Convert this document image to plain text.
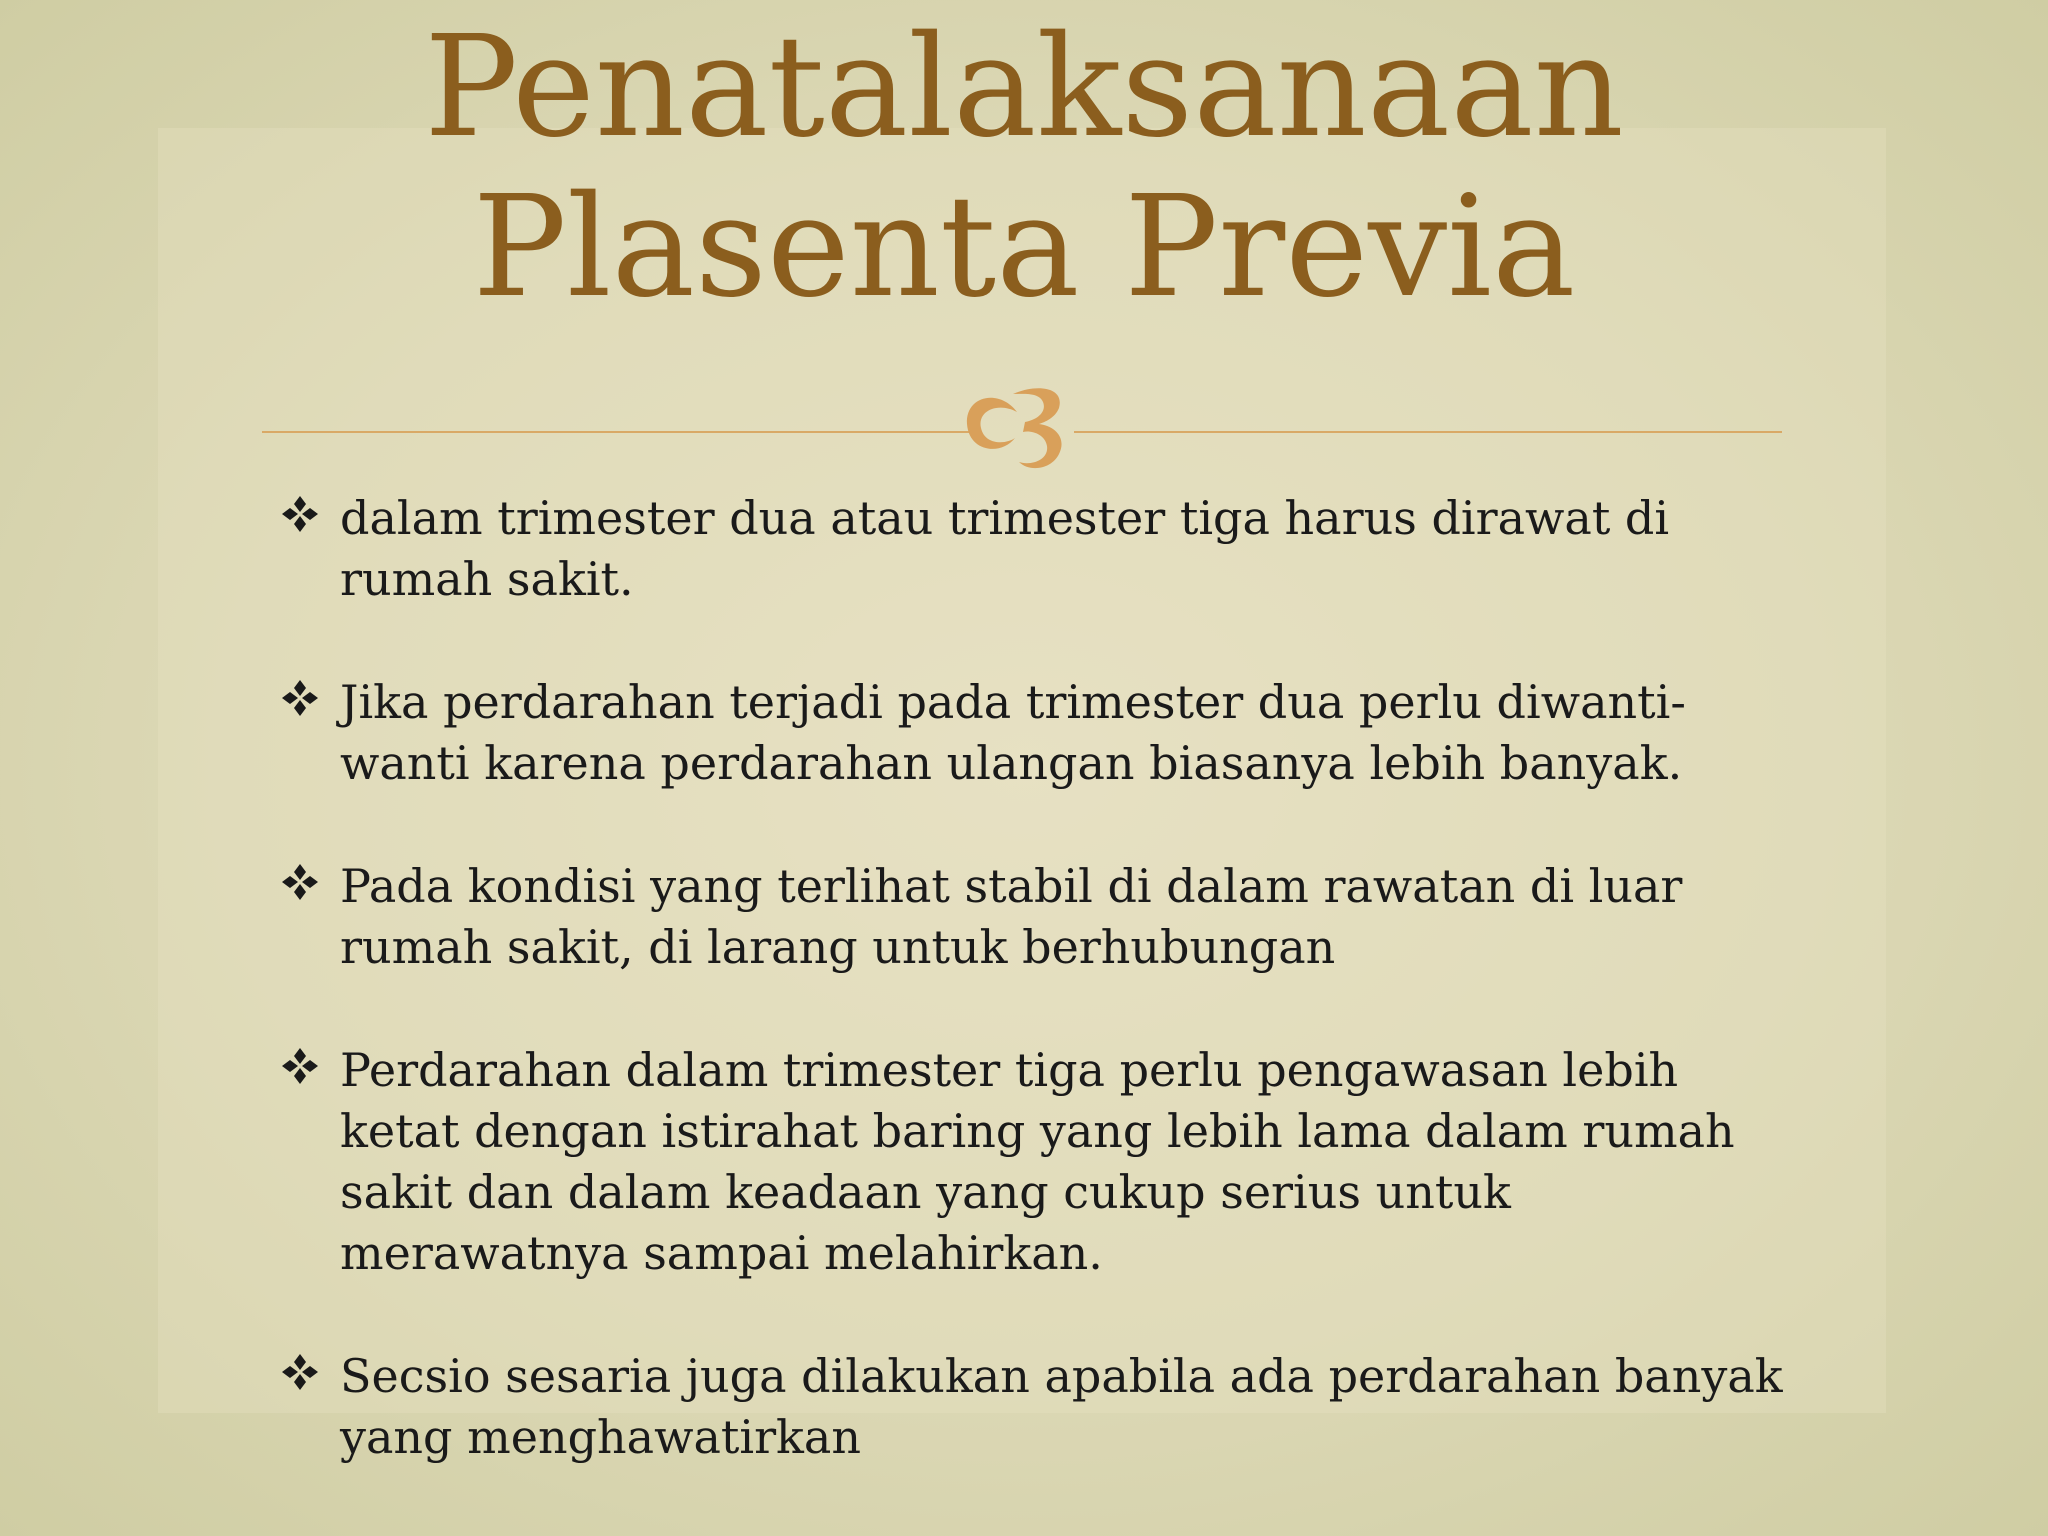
Penatalaksanaan Plasenta Previa
dalam trimester dua atau trimester tiga harus dirawat di rumah sakit.
Jika perdarahan terjadi pada trimester dua perlu diwanti-wanti karena perdarahan ulangan biasanya lebih banyak.
Pada kondisi yang terlihat stabil di dalam rawatan di luar rumah sakit, di larang untuk berhubungan
Perdarahan dalam trimester tiga perlu pengawasan lebih ketat dengan istirahat baring yang lebih lama dalam rumah sakit dan dalam keadaan yang cukup serius untuk merawatnya sampai melahirkan.
Secsio sesaria juga dilakukan apabila ada perdarahan banyak yang menghawatirkan
